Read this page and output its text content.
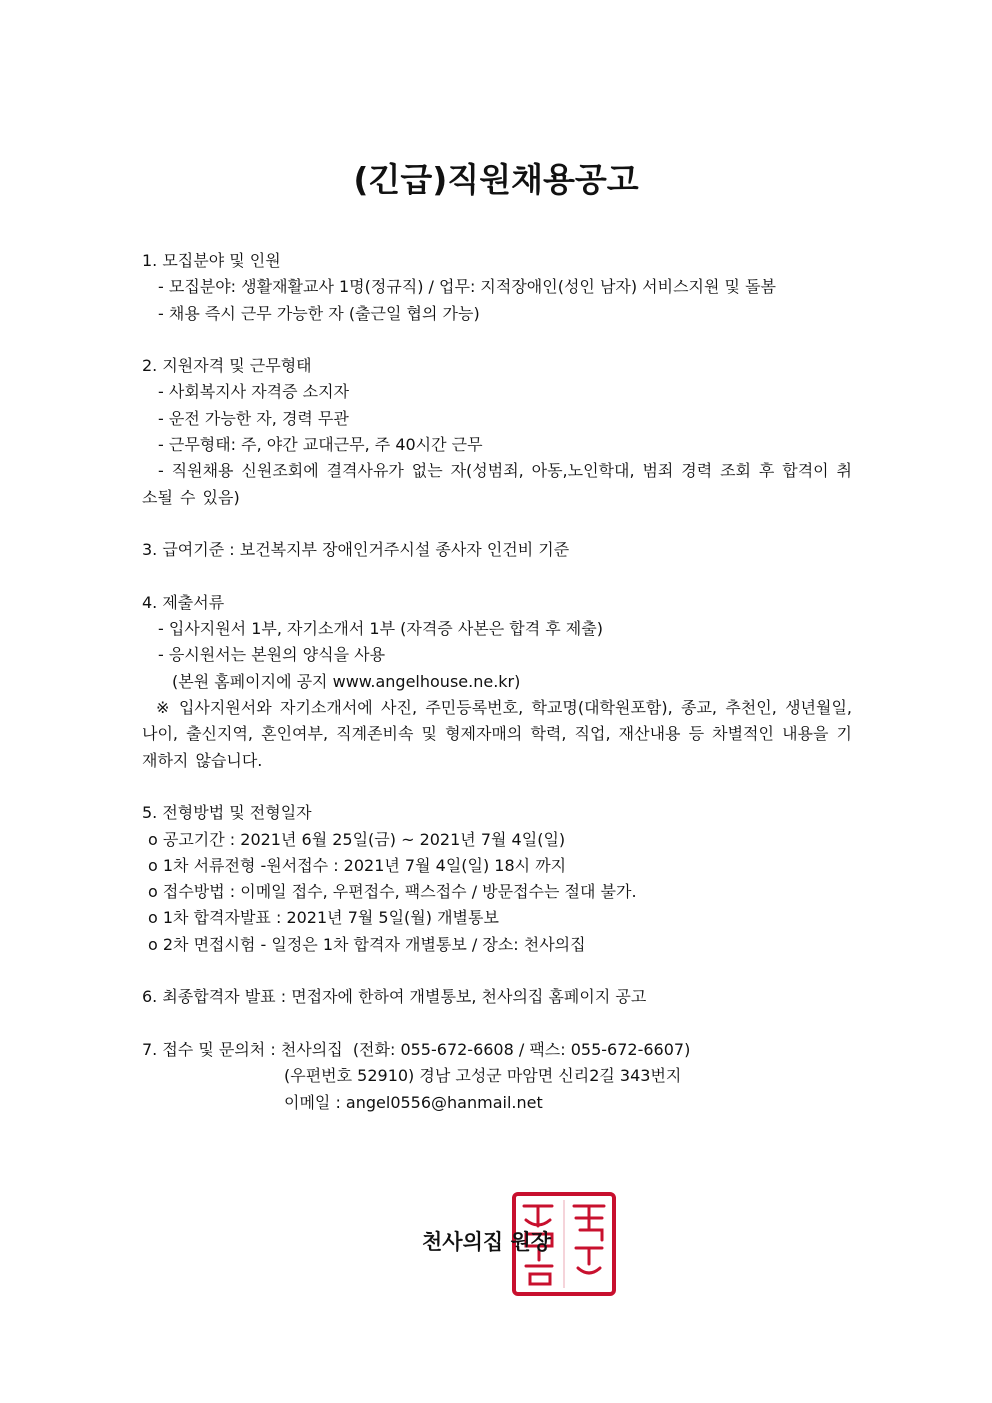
(긴급)직원채용공고
1. 모집분야 및 인원
- 모집분야: 생활재활교사 1명(정규직) / 업무: 지적장애인(성인 남자) 서비스지원 및 돌봄
- 채용 즉시 근무 가능한 자 (출근일 협의 가능)
2. 지원자격 및 근무형태
- 사회복지사 자격증 소지자
- 운전 가능한 자, 경력 무관
- 근무형태: 주, 야간 교대근무, 주 40시간 근무
- 직원채용 신원조회에 결격사유가 없는 자(성범죄, 아동,노인학대, 범죄 경력 조회 후 합격이 취소될 수 있음)
3. 급여기준 : 보건복지부 장애인거주시설 종사자 인건비 기준
4. 제출서류
- 입사지원서 1부, 자기소개서 1부 (자격증 사본은 합격 후 제출)
- 응시원서는 본원의 양식을 사용
(본원 홈페이지에 공지 www.angelhouse.ne.kr)
※ 입사지원서와 자기소개서에 사진, 주민등록번호, 학교명(대학원포함), 종교, 추천인, 생년월일, 나이, 출신지역, 혼인여부, 직계존비속 및 형제자매의 학력, 직업, 재산내용 등 차별적인 내용을 기재하지 않습니다.
5. 전형방법 및 전형일자
o 공고기간 : 2021년 6월 25일(금) ~ 2021년 7월 4일(일)
o 1차 서류전형 -원서접수 : 2021년 7월 4일(일) 18시 까지
o 접수방법 : 이메일 접수, 우편접수, 팩스접수 / 방문접수는 절대 불가.
o 1차 합격자발표 : 2021년 7월 5일(월) 개별통보
o 2차 면접시험 - 일정은 1차 합격자 개별통보 / 장소: 천사의집
6. 최종합격자 발표 : 면접자에 한하여 개별통보, 천사의집 홈페이지 공고
7. 접수 및 문의처 : 천사의집  (전화: 055-672-6608 / 팩스: 055-672-6607)
(우편번호 52910) 경남 고성군 마암면 신리2길 343번지
이메일 : angel0556@hanmail.net
천사의집 원장
